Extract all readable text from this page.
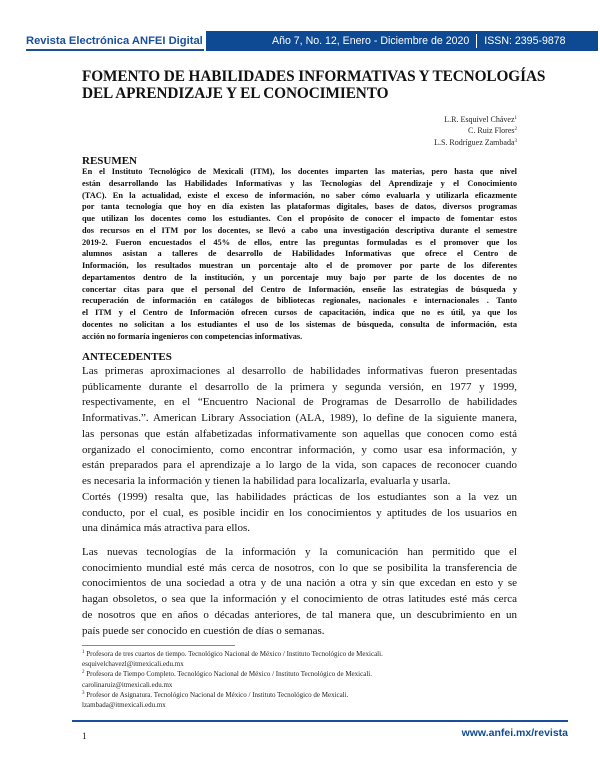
Revista Electrónica ANFEI Digital	Año 7, No. 12, Enero - Diciembre de 2020 ISSN: 2395-9878
FOMENTO DE HABILIDADES INFORMATIVAS Y TECNOLOGÍAS
DEL APRENDIZAJE Y EL CONOCIMIENTO
L.R. Esquivel Chávez$^1$
C. Ruiz Flores$^2$
L.S. Rodríguez Zambada$^3$
RESUMEN
En el Instituto Tecnológico de Mexicali (ITM), los docentes imparten las materias, pero hasta que nivel
están desarrollando las Habilidades Informativas y las Tecnologías del Aprendizaje y el Conocimiento
(TAC). En la actualidad, existe el exceso de información, no saber cómo evaluarla y utilizarla eficazmente
por tanta tecnología que hoy en día existen las plataformas digitales, bases de datos, diversos programas
que utilizan los docentes como los estudiantes. Con el propósito de conocer el impacto de fomentar estos
dos recursos en el ITM por los docentes, se llevó a cabo una investigación descriptiva durante el semestre
2019-2. Fueron encuestados el 45% de ellos, entre las preguntas formuladas es el promover que los
alumnos asistan a talleres de desarrollo de Habilidades Informativas que ofrece el Centro de
Información, los resultados muestran un porcentaje alto el de promover por parte de los diferentes
departamentos dentro de la institución, y un porcentaje muy bajo por parte de los docentes de no
concertar citas para que el personal del Centro de Información, enseñe las estrategias de búsqueda y
recuperación de información en catálogos de bibliotecas regionales, nacionales e internacionales . Tanto
el ITM y el Centro de Información ofrecen cursos de capacitación, indica que no es útil, ya que los
docentes no solicitan a los estudiantes el uso de los sistemas de búsqueda, consulta de información, esta
acción no formaría ingenieros con competencias informativas.
ANTECEDENTES
Las primeras aproximaciones al desarrollo de habilidades informativas fueron presentadas
públicamente durante el desarrollo de la primera y segunda versión, en 1977 y 1999,
respectivamente, en el “Encuentro Nacional de Programas de Desarrollo de habilidades
Informativas.”. American Library Association (ALA, 1989), lo define de la siguiente manera,
las personas que están alfabetizadas informativamente son aquellas que conocen como está
organizado el conocimiento, como encontrar información, y como usar esa información, y
están preparados para el aprendizaje a lo largo de la vida, son capaces de reconocer cuando
es necesaria la información y tienen la habilidad para localizarla, evaluarla y usarla.
Cortés (1999) resalta que, las habilidades prácticas de los estudiantes son a la vez un
conducto, por el cual, es posible incidir en los conocimientos y aptitudes de los usuarios en
una dinámica más atractiva para ellos.
Las nuevas tecnologías de la información y la comunicación han permitido que el
conocimiento mundial esté más cerca de nosotros, con lo que se posibilita la transferencia de
conocimientos de una sociedad a otra y de una nación a otra y sin que excedan en esto y se
hagan obsoletos, o sea que la información y el conocimiento de otras latitudes esté más cerca
de nosotros que en años o décadas anteriores, de tal manera que, un descubrimiento en un
país puede ser conocido en cuestión de días o semanas.
$^1$ Profesora de tres cuartos de tiempo. Tecnológico Nacional de México / Instituto Tecnológico de Mexicali.
esquivelchavezl@itmexicali.edu.mx
$^2$ Profesora de Tiempo Completo. Tecnológico Nacional de México / Instituto Tecnológico de Mexicali.
carolinaruiz@itmexicali.edu.mx
$^3$ Profesor de Asignatura. Tecnológico Nacional de México / Instituto Tecnológico de Mexicali.
lzambada@itmexicali.edu.mx
1	www.anfei.mx/revista
